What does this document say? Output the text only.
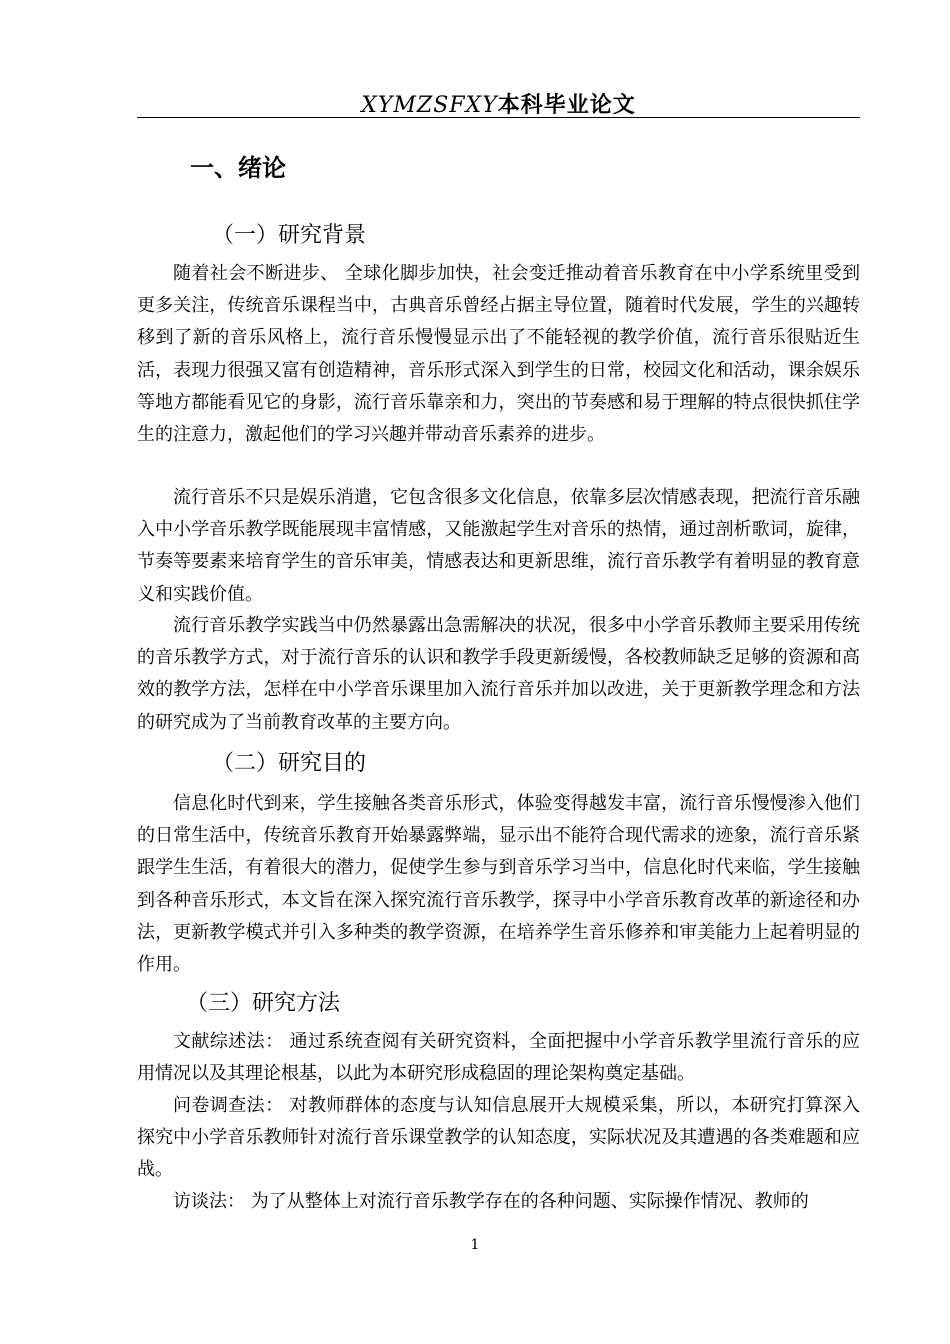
XYMZSFXY本科毕业论文
一、绪论
（一）研究背景
随着社会不断进步、 全球化脚步加快，社会变迁推动着音乐教育在中小学系统里受到更多关注，传统音乐课程当中，古典音乐曾经占据主导位置，随着时代发展，学生的兴趣转移到了新的音乐风格上，流行音乐慢慢显示出了不能轻视的教学价值，流行音乐很贴近生活，表现力很强又富有创造精神，音乐形式深入到学生的日常，校园文化和活动，课余娱乐等地方都能看见它的身影，流行音乐靠亲和力，突出的节奏感和易于理解的特点很快抓住学生的注意力，激起他们的学习兴趣并带动音乐素养的进步。
流行音乐不只是娱乐消遣，它包含很多文化信息，依靠多层次情感表现，把流行音乐融入中小学音乐教学既能展现丰富情感，又能激起学生对音乐的热情，通过剖析歌词，旋律，节奏等要素来培育学生的音乐审美，情感表达和更新思维，流行音乐教学有着明显的教育意义和实践价值。
流行音乐教学实践当中仍然暴露出急需解决的状况，很多中小学音乐教师主要采用传统的音乐教学方式，对于流行音乐的认识和教学手段更新缓慢，各校教师缺乏足够的资源和高效的教学方法，怎样在中小学音乐课里加入流行音乐并加以改进，关于更新教学理念和方法的研究成为了当前教育改革的主要方向。
（二）研究目的
信息化时代到来，学生接触各类音乐形式，体验变得越发丰富，流行音乐慢慢渗入他们的日常生活中，传统音乐教育开始暴露弊端，显示出不能符合现代需求的迹象，流行音乐紧跟学生生活，有着很大的潜力，促使学生参与到音乐学习当中，信息化时代来临，学生接触到各种音乐形式，本文旨在深入探究流行音乐教学，探寻中小学音乐教育改革的新途径和办法，更新教学模式并引入多种类的教学资源，在培养学生音乐修养和审美能力上起着明显的作用。
（三）研究方法
文献综述法： 通过系统查阅有关研究资料，全面把握中小学音乐教学里流行音乐的应用情况以及其理论根基，以此为本研究形成稳固的理论架构奠定基础。
问卷调查法： 对教师群体的态度与认知信息展开大规模采集，所以，本研究打算深入探究中小学音乐教师针对流行音乐课堂教学的认知态度，实际状况及其遭遇的各类难题和应战。
访谈法： 为了从整体上对流行音乐教学存在的各种问题、实际操作情况、教师的
1
